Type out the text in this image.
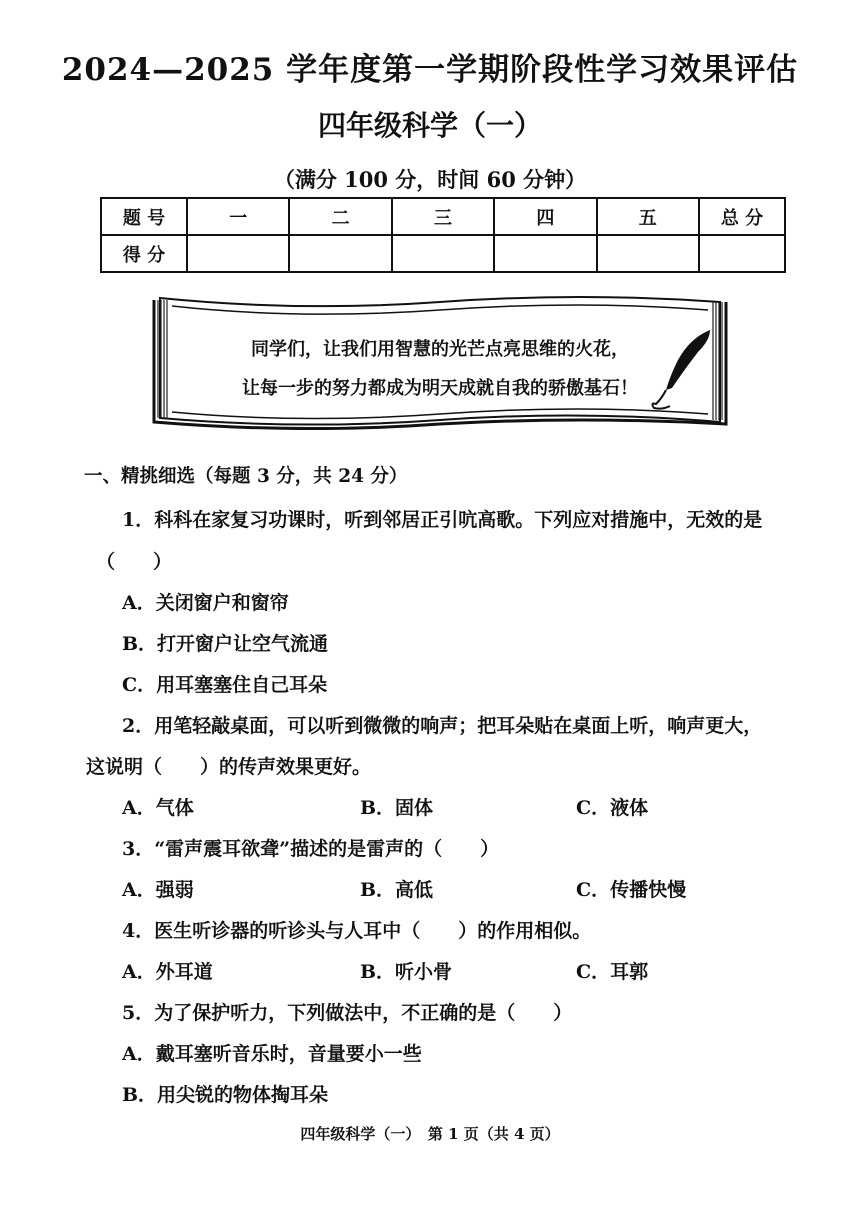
2024—2025 学年度第一学期阶段性学习效果评估
四年级科学（一）
（满分 100 分，时间 60 分钟）
题 号	一	二	三	四	五	总 分
得 分						
同学们，让我们用智慧的光芒点亮思维的火花，
让每一步的努力都成为明天成就自我的骄傲基石！
一、精挑细选（每题 3 分，共 24 分）
1．科科在家复习功课时，听到邻居正引吭高歌。下列应对措施中，无效的是
（　　）
A．关闭窗户和窗帘
B．打开窗户让空气流通
C．用耳塞塞住自己耳朵
2．用笔轻敲桌面，可以听到微微的响声；把耳朵贴在桌面上听，响声更大，
这说明（　　）的传声效果更好。
A．气体	B．固体	C．液体
3．“雷声震耳欲聋”描述的是雷声的（　　）
A．强弱	B．高低	C．传播快慢
4．医生听诊器的听诊头与人耳中（　　）的作用相似。
A．外耳道	B．听小骨	C．耳郭
5．为了保护听力，下列做法中，不正确的是（　　）
A．戴耳塞听音乐时，音量要小一些
B．用尖锐的物体掏耳朵
四年级科学（一）　第 1 页（共 4 页）
